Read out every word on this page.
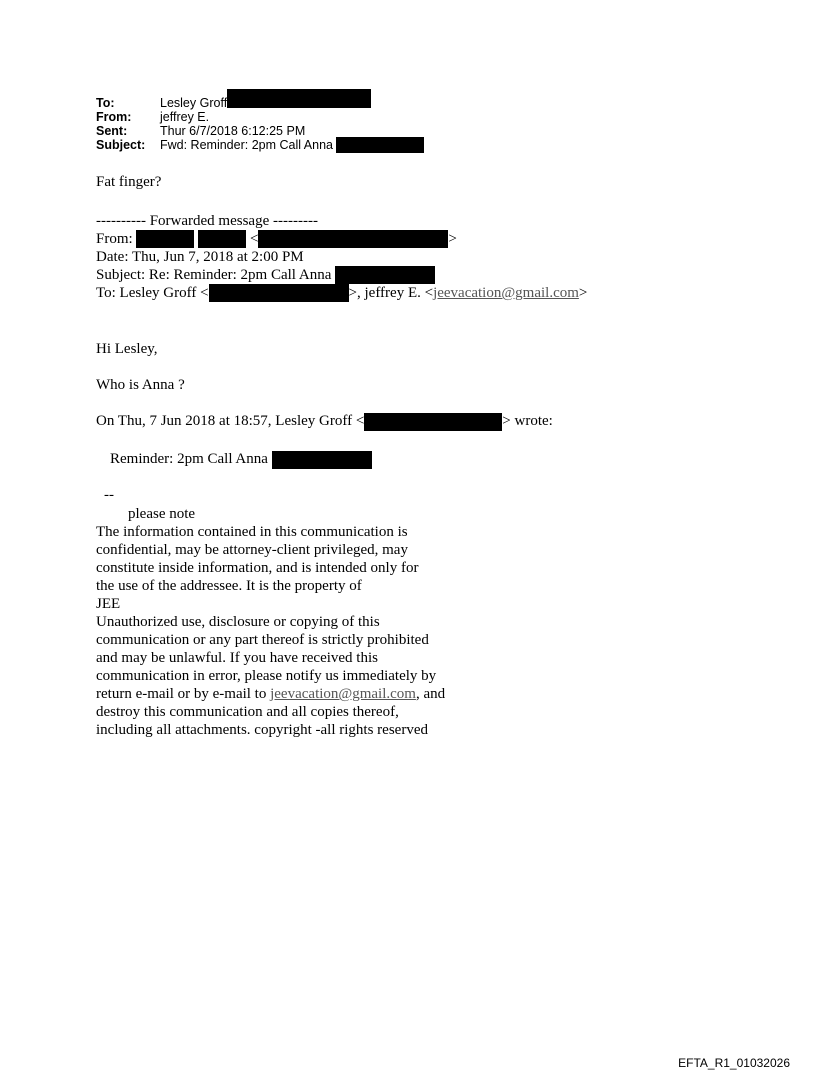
To:	Lesley Groff
From: jeffrey E.
Sent:	Thur 6/7/2018 6:12:25 PM
Subject: Fwd: Reminder: 2pm Call Anna
Fat finger?
---------- Forwarded message ---------
From:	<	>
Date: Thu, Jun 7, 2018 at 2:00 PM
Subject: Re: Reminder: 2pm Call Anna
To: Lesley Groff <	>, jeffrey E. <jeevacation@gmail.com>
Hi Lesley,
Who is Anna ?
On Thu, 7 Jun 2018 at 18:57, Lesley Groff <	> wrote:
Reminder: 2pm Call Anna
--
please note
The information contained in this communication is
confidential, may be attorney-client privileged, may
constitute inside information, and is intended only for
the use of the addressee. It is the property of
JEE
Unauthorized use, disclosure or copying of this
communication or any part thereof is strictly prohibited
and may be unlawful. If you have received this
communication in error, please notify us immediately by
return e-mail or by e-mail to jeevacation@gmail.com, and
destroy this communication and all copies thereof,
including all attachments. copyright -all rights reserved
EFTA_R1_01032026
